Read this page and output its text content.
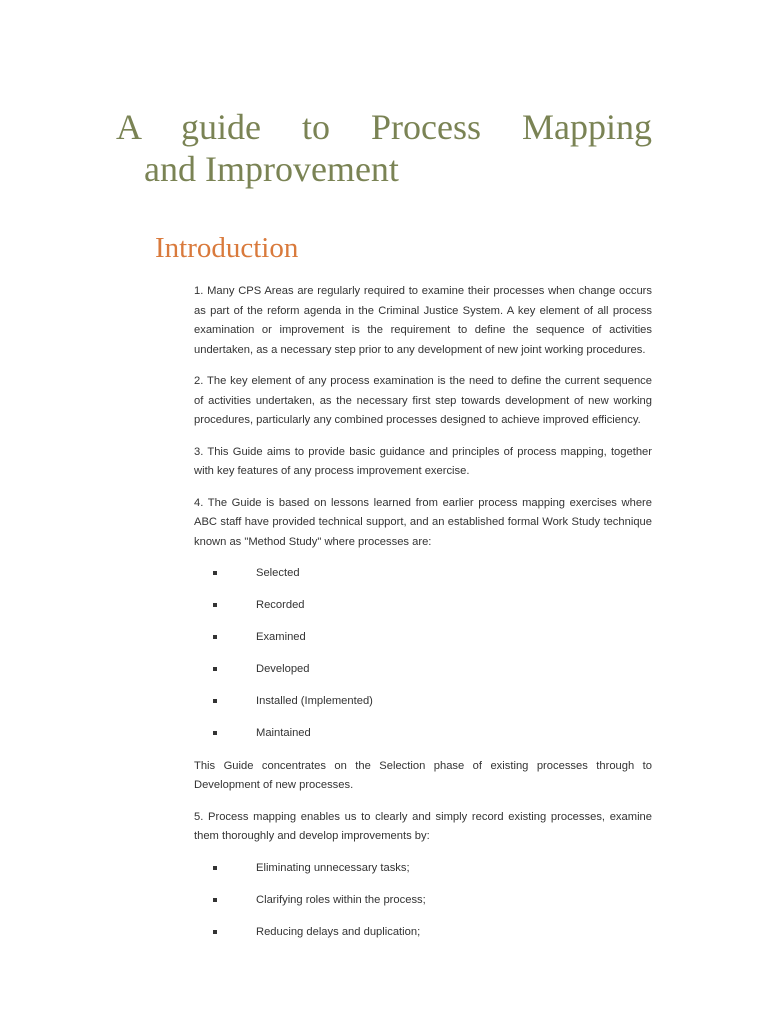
A guide to Process Mapping
and Improvement
Introduction

1. Many CPS Areas are regularly required to examine their processes when change occurs as part of the reform agenda in the Criminal Justice System. A key element of all process examination or improvement is the requirement to define the sequence of activities undertaken, as a necessary step prior to any development of new joint working procedures.

2. The key element of any process examination is the need to define the current sequence of activities undertaken, as the necessary first step towards development of new working procedures, particularly any combined processes designed to achieve improved efficiency.

3. This Guide aims to provide basic guidance and principles of process mapping, together with key features of any process improvement exercise.

4. The Guide is based on lessons learned from earlier process mapping exercises where ABC staff have provided technical support, and an established formal Work Study technique known as "Method Study" where processes are:

Selected
Recorded
Examined
Developed
Installed (Implemented)
Maintained

This Guide concentrates on the Selection phase of existing processes through to Development of new processes.

5. Process mapping enables us to clearly and simply record existing processes, examine them thoroughly and develop improvements by:

Eliminating unnecessary tasks;
Clarifying roles within the process;
Reducing delays and duplication;
